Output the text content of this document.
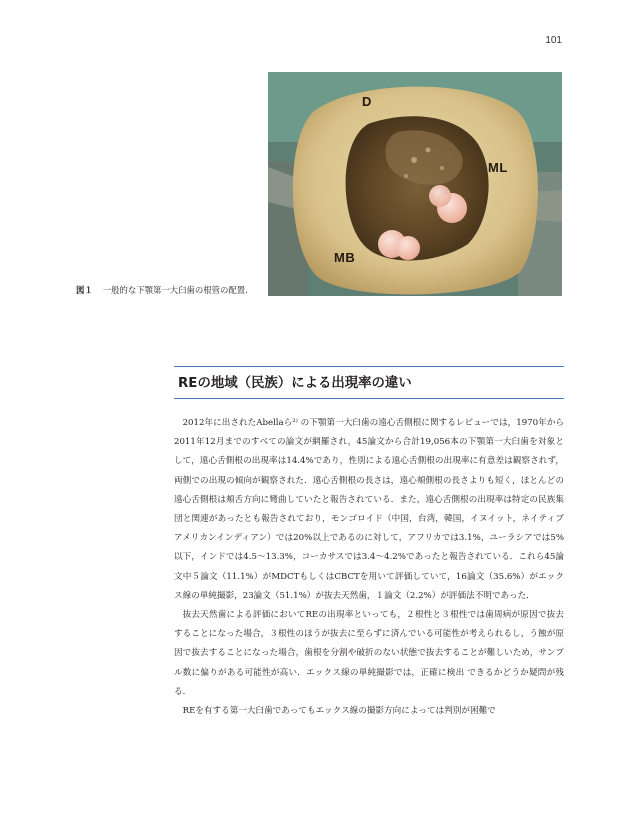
101
D
ML
MB
図１ 一般的な下顎第一大臼歯の根管の配置.
REの地域（民族）による出現率の違い

2012年に出されたAbellaら²⁾ の下顎第一大臼歯の遠心舌側根に関するレビューでは，1970年から2011年12月までのすべての論文が網羅され，45論文から合計19,056本の下顎第一大臼歯を対象として，遠心舌側根の出現率は14.4%であり，性別による遠心舌側根の出現率に有意差は観察されず，両側での出現の傾向が観察された．遠心舌側根の長さは，遠心頬側根の長さよりも短く，ほとんどの遠心舌側根は頬舌方向に彎曲していたと報告されている．また，遠心舌側根の出現率は特定の民族集団と関連があったとも報告されており，モンゴロイド（中国，台湾，韓国，イヌイット，ネイティブアメリカンインディアン）では20%以上であるのに対して，アフリカでは3.1%，ユーラシアでは5%以下，インドでは4.5〜13.3%，コーカサスでは3.4〜4.2%であったと報告されている．これら45論文中５論文（11.1%）がMDCTもしくはCBCTを用いて評価していて，16論文（35.6%）がエックス線の単純撮影，23論文（51.1%）が抜去天然歯，１論文（2.2%）が評価法不明であった．

抜去天然歯による評価においてREの出現率といっても，２根性と３根性では歯周病が原因で抜去することになった場合，３根性のほうが抜去に至らずに済んでいる可能性が考えられるし，う蝕が原因で抜去することになった場合，歯根を分割や破折のない状態で抜去することが難しいため，サンプル数に偏りがある可能性が高い．エックス線の単純撮影では，正確に検出 できるかどうか疑問が残る．

REを有する第一大臼歯であってもエックス線の撮影方向によっては判別が困難で
